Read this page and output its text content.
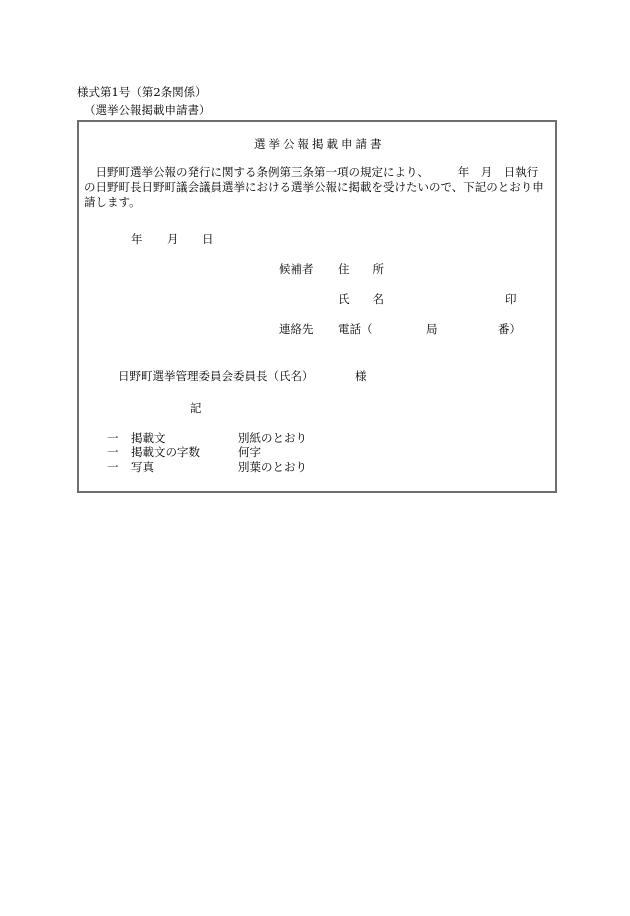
様式第1号（第2条関係）
（選挙公報掲載申請書）
選挙公報掲載申請書
　日野町選挙公報の発行に関する条例第三条第一項の規定により、　　　年　月　日執行
の日野町長日野町議会議員選挙における選挙公報に掲載を受けたいので、下記のとおり申
請します。
年 月 日
候補者 住　　所
氏　　名	印
連絡先 電話（	局	番）
日野町選挙管理委員会委員長（氏名）	様
記
一 掲載文	別紙のとおり
一 掲載文の字数	何字
一 写真	別葉のとおり
